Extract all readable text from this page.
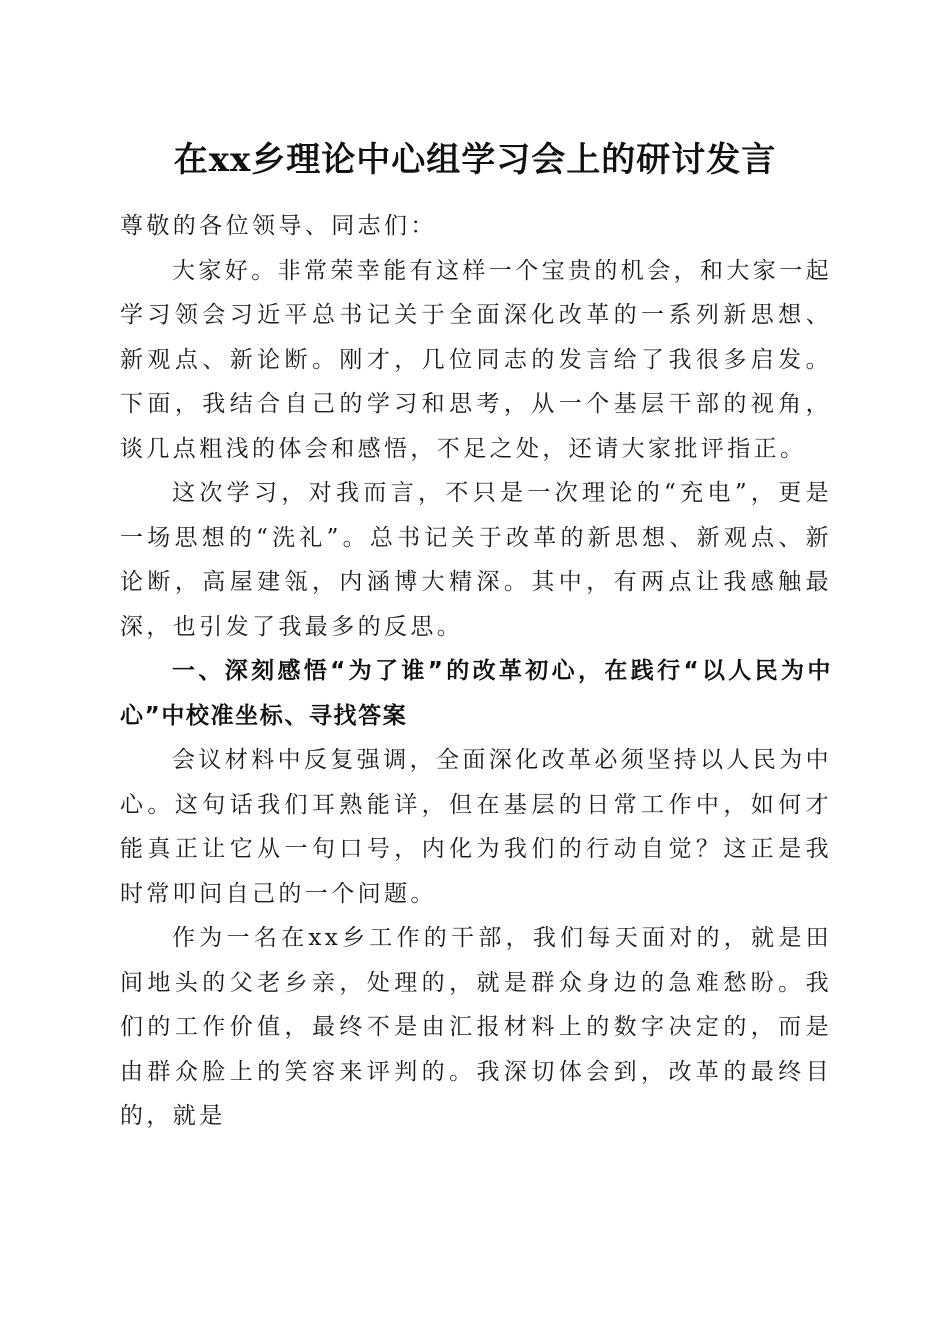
在xx乡理论中心组学习会上的研讨发言

尊敬的各位领导、同志们：

大家好。非常荣幸能有这样一个宝贵的机会，和大家一起学习领会习近平总书记关于全面深化改革的一系列新思想、新观点、新论断。刚才，几位同志的发言给了我很多启发。下面，我结合自己的学习和思考，从一个基层干部的视角，谈几点粗浅的体会和感悟，不足之处，还请大家批评指正。

这次学习，对我而言，不只是一次理论的“充电”，更是一场思想的“洗礼”。总书记关于改革的新思想、新观点、新论断，高屋建瓴，内涵博大精深。其中，有两点让我感触最深，也引发了我最多的反思。

一、深刻感悟“为了谁”的改革初心，在践行“以人民为中心”中校准坐标、寻找答案

会议材料中反复强调，全面深化改革必须坚持以人民为中心。这句话我们耳熟能详，但在基层的日常工作中，如何才能真正让它从一句口号，内化为我们的行动自觉？这正是我时常叩问自己的一个问题。

作为一名在xx乡工作的干部，我们每天面对的，就是田间地头的父老乡亲，处理的，就是群众身边的急难愁盼。我们的工作价值，最终不是由汇报材料上的数字决定的，而是由群众脸上的笑容来评判的。我深切体会到，改革的最终目的，就是
